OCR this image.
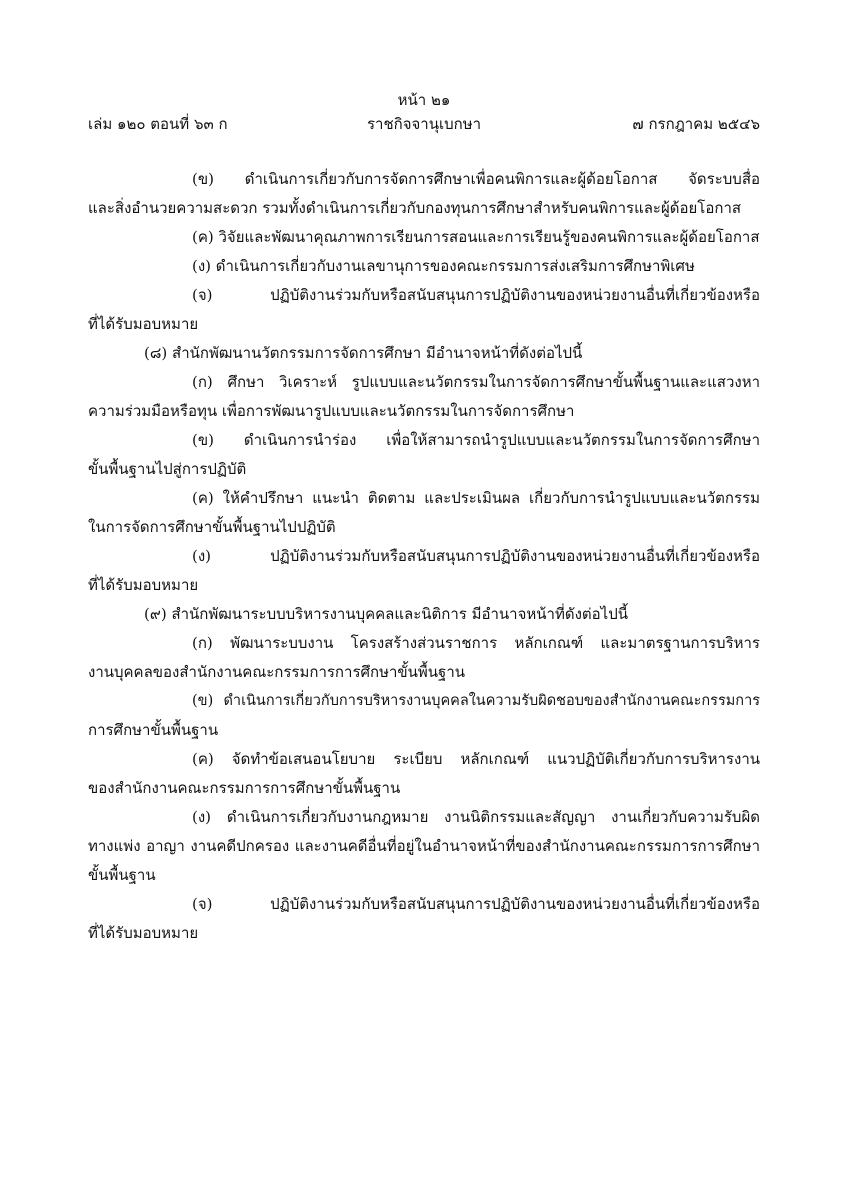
หน้า ๒๑
เล่ม ๑๒๐ ตอนที่ ๖๓ ก	ราชกิจจานุเบกษา	๗ กรกฎาคม ๒๕๔๖

(ข) ดำเนินการเกี่ยวกับการจัดการศึกษาเพื่อคนพิการและผู้ด้อยโอกาส จัดระบบสื่อ

และสิ่งอำนวยความสะดวก รวมทั้งดำเนินการเกี่ยวกับกองทุนการศึกษาสำหรับคนพิการและผู้ด้อยโอกาส

(ค) วิจัยและพัฒนาคุณภาพการเรียนการสอนและการเรียนรู้ของคนพิการและผู้ด้อยโอกาส

(ง) ดำเนินการเกี่ยวกับงานเลขานุการของคณะกรรมการส่งเสริมการศึกษาพิเศษ

(จ) ปฏิบัติงานร่วมกับหรือสนับสนุนการปฏิบัติงานของหน่วยงานอื่นที่เกี่ยวข้องหรือ

ที่ได้รับมอบหมาย

(๘) สำนักพัฒนานวัตกรรมการจัดการศึกษา มีอำนาจหน้าที่ดังต่อไปนี้

(ก) ศึกษา วิเคราะห์ รูปแบบและนวัตกรรมในการจัดการศึกษาขั้นพื้นฐานและแสวงหา

ความร่วมมือหรือทุน เพื่อการพัฒนารูปแบบและนวัตกรรมในการจัดการศึกษา

(ข) ดำเนินการนำร่อง เพื่อให้สามารถนำรูปแบบและนวัตกรรมในการจัดการศึกษา

ขั้นพื้นฐานไปสู่การปฏิบัติ

(ค) ให้คำปรึกษา แนะนำ ติดตาม และประเมินผล เกี่ยวกับการนำรูปแบบและนวัตกรรม

ในการจัดการศึกษาขั้นพื้นฐานไปปฏิบัติ

(ง) ปฏิบัติงานร่วมกับหรือสนับสนุนการปฏิบัติงานของหน่วยงานอื่นที่เกี่ยวข้องหรือ

ที่ได้รับมอบหมาย

(๙) สำนักพัฒนาระบบบริหารงานบุคคลและนิติการ มีอำนาจหน้าที่ดังต่อไปนี้

(ก) พัฒนาระบบงาน โครงสร้างส่วนราชการ หลักเกณฑ์ และมาตรฐานการบริหาร

งานบุคคลของสำนักงานคณะกรรมการการศึกษาขั้นพื้นฐาน

(ข) ดำเนินการเกี่ยวกับการบริหารงานบุคคลในความรับผิดชอบของสำนักงานคณะกรรมการ

การศึกษาขั้นพื้นฐาน

(ค) จัดทำข้อเสนอนโยบาย ระเบียบ หลักเกณฑ์ แนวปฏิบัติเกี่ยวกับการบริหารงาน

ของสำนักงานคณะกรรมการการศึกษาขั้นพื้นฐาน

(ง) ดำเนินการเกี่ยวกับงานกฎหมาย งานนิติกรรมและสัญญา งานเกี่ยวกับความรับผิด

ทางแพ่ง อาญา งานคดีปกครอง และงานคดีอื่นที่อยู่ในอำนาจหน้าที่ของสำนักงานคณะกรรมการการศึกษา

ขั้นพื้นฐาน

(จ) ปฏิบัติงานร่วมกับหรือสนับสนุนการปฏิบัติงานของหน่วยงานอื่นที่เกี่ยวข้องหรือ

ที่ได้รับมอบหมาย
